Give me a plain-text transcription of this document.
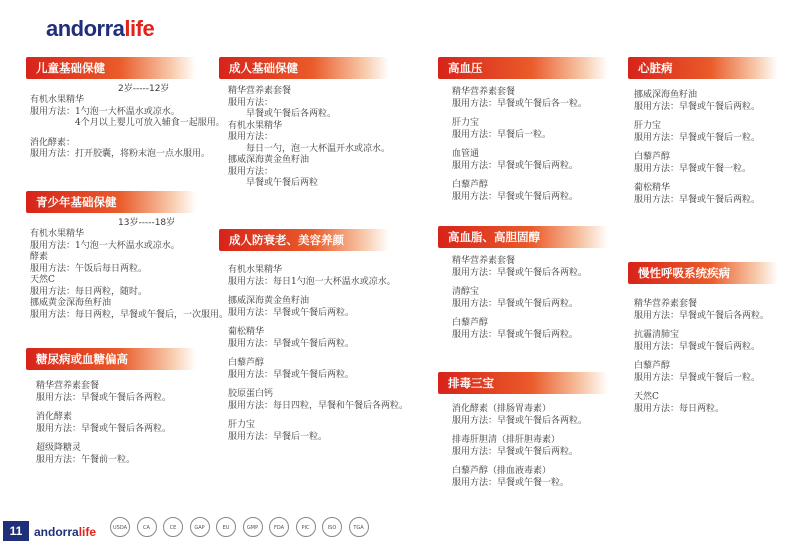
andorralife
儿童基础保健
2岁-----12岁
有机水果精华
服用方法：1勺泡一大杯温水或凉水。
　　　　　4个月以上婴儿可放入辅食一起服用。

消化酵素：
服用方法：打开胶囊，将粉末泡一点水服用。
青少年基础保健
13岁-----18岁
有机水果精华
服用方法：1勺泡一大杯温水或凉水。
酵素
服用方法：午饭后每日两粒。
天然C
服用方法：每日两粒，随时。
挪威黄金深海鱼籽油
服用方法：每日两粒，早餐或午餐后，一次服用。
糖尿病或血糖偏高
精华营养素套餐
服用方法：早餐或午餐后各两粒。

消化酵素
服用方法：早餐或午餐后各两粒。

超级降糖灵
服用方法：午餐前一粒。
成人基础保健
精华营养素套餐
服用方法：
　　早餐或午餐后各两粒。
有机水果精华
服用方法：
　　每日一勺，泡一大杯温开水或凉水。
挪威深海黄金鱼籽油
服用方法：
　　早餐或午餐后两粒
成人防衰老、美容养颜
有机水果精华
服用方法：每日1勺泡一大杯温水或凉水。

挪威深海黄金鱼籽油
服用方法：早餐或午餐后两粒。

葡松精华
服用方法：早餐或午餐后两粒。

白藜芦醇
服用方法：早餐或午餐后两粒。

胶原蛋白钙
服用方法：每日四粒，早餐和午餐后各两粒。

肝力宝
服用方法：早餐后一粒。
高血压
精华营养素套餐
服用方法：早餐或午餐后各一粒。

肝力宝
服用方法：早餐后一粒。

血管通
服用方法：早餐或午餐后两粒。

白藜芦醇
服用方法：早餐或午餐后两粒。
高血脂、高胆固醇
精华营养素套餐
服用方法：早餐或午餐后各两粒。

清醇宝
服用方法：早餐或午餐后两粒。

白藜芦醇
服用方法：早餐或午餐后两粒。
排毒三宝
消化酵素（排肠胃毒素）
服用方法：早餐或午餐后各两粒。

排毒肝胆清（排肝胆毒素）
服用方法：早餐或午餐后两粒。

白藜芦醇（排血液毒素）
服用方法：早餐或午餐一粒。
心脏病
挪威深海鱼籽油
服用方法：早餐或午餐后两粒。

肝力宝
服用方法：早餐或午餐后一粒。

白藜芦醇
服用方法：早餐或午餐一粒。

葡松精华
服用方法：早餐或午餐后两粒。
慢性呼吸系统疾病
精华营养素套餐
服用方法：早餐或午餐后各两粒。

抗霾清肺宝
服用方法：早餐或午餐后两粒。

白藜芦醇
服用方法：早餐或午餐后一粒。

天然C
服用方法：每日两粒。
11 andorralife	USDA	CA	CE	GAP	EU	GMP	FDA	PIC	ISO	TGA
